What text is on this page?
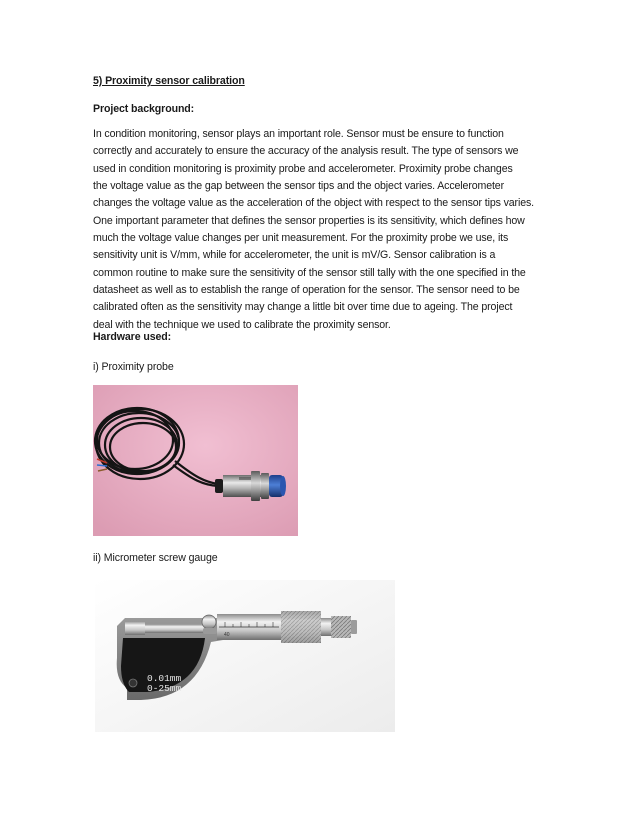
5) Proximity sensor calibration

Project background:

In condition monitoring, sensor plays an important role. Sensor must be ensure to function
correctly and accurately to ensure the accuracy of the analysis result. The type of sensors we
used in condition monitoring is proximity probe and accelerometer. Proximity probe changes
the voltage value as the gap between the sensor tips and the object varies. Accelerometer
changes the voltage value as the acceleration of the object with respect to the sensor tips varies.
One important parameter that defines the sensor properties is its sensitivity, which defines how
much the voltage value changes per unit measurement. For the proximity probe we use, its
sensitivity unit is V/mm, while for accelerometer, the unit is mV/G. Sensor calibration is a
common routine to make sure the sensitivity of the sensor still tally with the one specified in the
datasheet as well as to establish the range of operation for the sensor. The sensor need to be
calibrated often as the sensitivity may change a little bit over time due to ageing. The project
deal with the technique we used to calibrate the proximity sensor.

Hardware used:

i) Proximity probe

ii) Micrometer screw gauge

40
0.01mm
0-25mm
